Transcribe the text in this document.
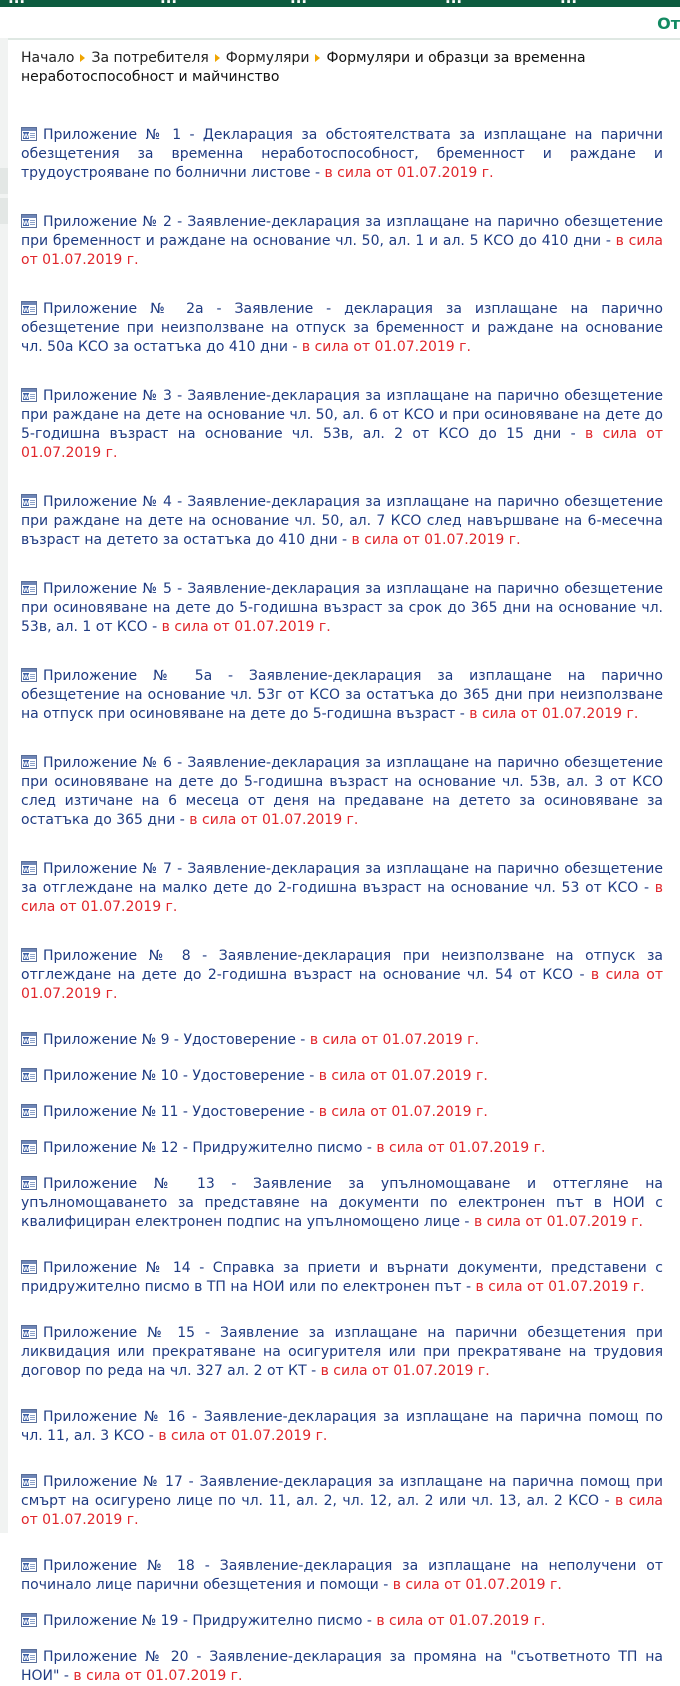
От
Начало За потребителя Формуляри Формуляри и образци за временна неработоспособност и майчинство

W Приложение № 1 - Декларация за обстоятелствата за изплащане на парични обезщетения за временна неработоспособност, бременност и раждане и трудоустрояване по болнични листове - в сила от 01.07.2019 г.

W Приложение № 2 - Заявление-декларация за изплащане на парично обезщетение при бременност и раждане на основание чл. 50, ал. 1 и ал. 5 КСО до 410 дни - в сила от 01.07.2019 г.

W Приложение № 2а - Заявление - декларация за изплащане на парично обезщетение при неизползване на отпуск за бременност и раждане на основание чл. 50а КСО за остатъка до 410 дни - в сила от 01.07.2019 г.

W Приложение № 3 - Заявление-декларация за изплащане на парично обезщетение при раждане на дете на основание чл. 50, ал. 6 от КСО и при осиновяване на дете до 5-годишна възраст на основание чл. 53в, ал. 2 от КСО до 15 дни - в сила от 01.07.2019 г.

W Приложение № 4 - Заявление-декларация за изплащане на парично обезщетение при раждане на дете на основание чл. 50, ал. 7 КСО след навършване на 6-месечна възраст на детето за остатъка до 410 дни - в сила от 01.07.2019 г.

W Приложение № 5 - Заявление-декларация за изплащане на парично обезщетение при осиновяване на дете до 5-годишна възраст за срок до 365 дни на основание чл. 53в, ал. 1 от КСО - в сила от 01.07.2019 г.

W Приложение № 5а - Заявление-декларация за изплащане на парично обезщетение на основание чл. 53г от КСО за остатъка до 365 дни при неизползване на отпуск при осиновяване на дете до 5-годишна възраст - в сила от 01.07.2019 г.

W Приложение № 6 - Заявление-декларация за изплащане на парично обезщетение при осиновяване на дете до 5-годишна възраст на основание чл. 53в, ал. 3 от КСО след изтичане на 6 месеца от деня на предаване на детето за осиновяване за остатъка до 365 дни - в сила от 01.07.2019 г.

W Приложение № 7 - Заявление-декларация за изплащане на парично обезщетение за отглеждане на малко дете до 2-годишна възраст на основание чл. 53 от КСО - в сила от 01.07.2019 г.

W Приложение № 8 - Заявление-декларация при неизползване на отпуск за отглеждане на дете до 2-годишна възраст на основание чл. 54 от КСО - в сила от 01.07.2019 г.

W Приложение № 9 - Удостоверение - в сила от 01.07.2019 г.

W Приложение № 10 - Удостоверение - в сила от 01.07.2019 г.

W Приложение № 11 - Удостоверение - в сила от 01.07.2019 г.

W Приложение № 12 - Придружително писмо - в сила от 01.07.2019 г.

W Приложение № 13 - Заявление за упълномощаване и оттегляне на упълномощаването за представяне на документи по електронен път в НОИ с квалифициран електронен подпис на упълномощено лице - в сила от 01.07.2019 г.

W Приложение № 14 - Справка за приети и върнати документи, представени с придружително писмо в ТП на НОИ или по електронен път - в сила от 01.07.2019 г.

W Приложение № 15 - Заявление за изплащане на парични обезщетения при ликвидация или прекратяване на осигурителя или при прекратяване на трудовия договор по реда на чл. 327 ал. 2 от КТ - в сила от 01.07.2019 г.

W Приложение № 16 - Заявление-декларация за изплащане на парична помощ по чл. 11, ал. 3 КСО - в сила от 01.07.2019 г.

W Приложение № 17 - Заявление-декларация за изплащане на парична помощ при смърт на осигурено лице по чл. 11, ал. 2, чл. 12, ал. 2 или чл. 13, ал. 2 КСО - в сила от 01.07.2019 г.

W Приложение № 18 - Заявление-декларация за изплащане на неполучени от починало лице парични обезщетения и помощи - в сила от 01.07.2019 г.

W Приложение № 19 - Придружително писмо - в сила от 01.07.2019 г.

W Приложение № 20 - Заявление-декларация за промяна на "съответното ТП на НОИ" - в сила от 01.07.2019 г.
